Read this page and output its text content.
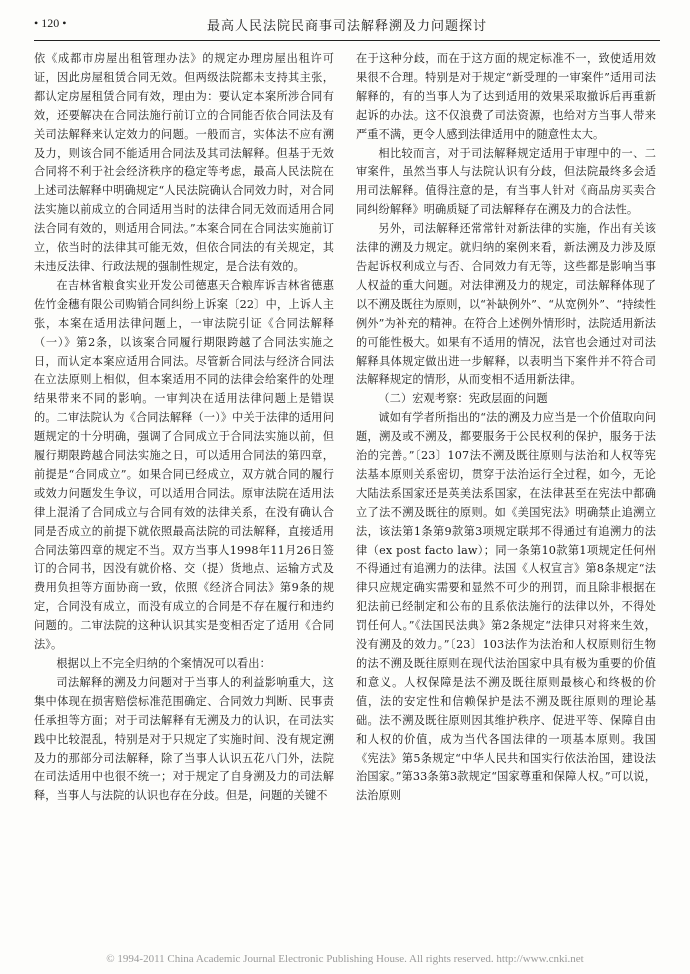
• 120 •	最高人民法院民商事司法解释溯及力问题探讨

依《成都市房屋出租管理办法》的规定办理房屋出租许可证，因此房屋租赁合同无效。但两级法院都未支持其主张，都认定房屋租赁合同有效，理由为：要认定本案所涉合同有效，还要解决在合同法施行前订立的合同能否依合同法及有关司法解释来认定效力的问题。一般而言，实体法不应有溯及力，则该合同不能适用合同法及其司法解释。但基于无效合同将不利于社会经济秩序的稳定等考虑，最高人民法院在上述司法解释中明确规定“人民法院确认合同效力时，对合同法实施以前成立的合同适用当时的法律合同无效而适用合同法合同有效的，则适用合同法。”本案合同在合同法实施前订立，依当时的法律其可能无效，但依合同法的有关规定，其未违反法律、行政法规的强制性规定，是合法有效的。

在吉林省粮食实业开发公司德惠天合粮库诉吉林省德惠佐竹金穗有限公司购销合同纠纷上诉案〔22〕中，上诉人主张，本案在适用法律问题上，一审法院引证《合同法解释（一）》第2条，以该案合同履行期限跨越了合同法实施之日，而认定本案应适用合同法。尽管新合同法与经济合同法在立法原则上相似，但本案适用不同的法律会给案件的处理结果带来不同的影响。一审判决在适用法律问题上是错误的。二审法院认为《合同法解释（一）》中关于法律的适用问题规定的十分明确，强调了合同成立于合同法实施以前，但履行期限跨越合同法实施之日，可以适用合同法的第四章，前提是“合同成立”。如果合同已经成立，双方就合同的履行或效力问题发生争议，可以适用合同法。原审法院在适用法律上混淆了合同成立与合同有效的法律关系，在没有确认合同是否成立的前提下就依照最高法院的司法解释，直接适用合同法第四章的规定不当。双方当事人1998年11月26日签订的合同书，因没有就价格、交（提）货地点、运输方式及费用负担等方面协商一致，依照《经济合同法》第9条的规定，合同没有成立，而没有成立的合同是不存在履行和违约问题的。二审法院的这种认识其实是变相否定了适用《合同法》。

根据以上不完全归纳的个案情况可以看出：

司法解释的溯及力问题对于当事人的利益影响重大，这集中体现在损害赔偿标准范围确定、合同效力判断、民事责任承担等方面；对于司法解释有无溯及力的认识，在司法实践中比较混乱，特别是对于只规定了实施时间、没有规定溯及力的那部分司法解释，除了当事人认识五花八门外，法院在司法适用中也很不统一；对于规定了自身溯及力的司法解释，当事人与法院的认识也存在分歧。但是，问题的关键不

在于这种分歧，而在于这方面的规定标准不一，致使适用效果很不合理。特别是对于规定“新受理的一审案件”适用司法解释的，有的当事人为了达到适用的效果采取撤诉后再重新起诉的办法。这不仅浪费了司法资源，也给对方当事人带来严重不满，更令人感到法律适用中的随意性太大。

相比较而言，对于司法解释规定适用于审理中的一、二审案件，虽然当事人与法院认识有分歧，但法院最终多会适用司法解释。值得注意的是，有当事人针对《商品房买卖合同纠纷解释》明确质疑了司法解释存在溯及力的合法性。

另外，司法解释还常常针对新法律的实施，作出有关该法律的溯及力规定。就归纳的案例来看，新法溯及力涉及原告起诉权利成立与否、合同效力有无等，这些都是影响当事人权益的重大问题。对法律溯及力的规定，司法解释体现了以不溯及既往为原则，以“补缺例外”、“从宽例外”、“持续性例外”为补充的精神。在符合上述例外情形时，法院适用新法的可能性极大。如果有不适用的情况，法官也会通过对司法解释具体规定做出进一步解释，以表明当下案件并不符合司法解释规定的情形，从而变相不适用新法律。

（二）宏观考察：宪政层面的问题

诚如有学者所指出的“法的溯及力应当是一个价值取向问题，溯及或不溯及，都要服务于公民权利的保护，服务于法治的完善。”〔23〕107法不溯及既往原则与法治和人权等宪法基本原则关系密切，贯穿于法治运行全过程，如今，无论大陆法系国家还是英美法系国家，在法律甚至在宪法中都确立了法不溯及既往的原则。如《美国宪法》明确禁止追溯立法，该法第1条第9款第3项规定联邦不得通过有追溯力的法律（ex post facto law）；同一条第10款第1项规定任何州不得通过有追溯力的法律。法国《人权宣言》第8条规定“法律只应规定确实需要和显然不可少的刑罚，而且除非根据在犯法前已经制定和公布的且系依法施行的法律以外，不得处罚任何人。”《法国民法典》第2条规定“法律只对将来生效，没有溯及的效力。”〔23〕103法作为法治和人权原则衍生物的法不溯及既往原则在现代法治国家中具有极为重要的价值和意义。人权保障是法不溯及既往原则最核心和终极的价值，法的安定性和信赖保护是法不溯及既往原则的理论基础。法不溯及既往原则因其维护秩序、促进平等、保障自由和人权的价值，成为当代各国法律的一项基本原则。我国《宪法》第5条规定“中华人民共和国实行依法治国，建设法治国家。”第33条第3款规定“国家尊重和保障人权。”可以说，法治原则

© 1994-2011 China Academic Journal Electronic Publishing House. All rights reserved. http://www.cnki.net
